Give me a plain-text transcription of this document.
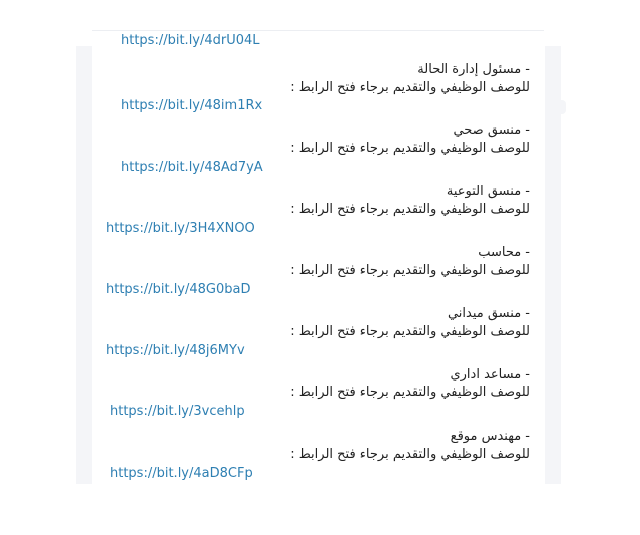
https://bit.ly/4drU04L
- مسئول إدارة الحالة
للوصف الوظيفي والتقديم برجاء فتح الرابط :
https://bit.ly/48im1Rx
- منسق صحي
للوصف الوظيفي والتقديم برجاء فتح الرابط :
https://bit.ly/48Ad7yA
- منسق التوعية
للوصف الوظيفي والتقديم برجاء فتح الرابط :
https://bit.ly/3H4XNOO
- محاسب
للوصف الوظيفي والتقديم برجاء فتح الرابط :
https://bit.ly/48G0baD
- منسق ميداني
للوصف الوظيفي والتقديم برجاء فتح الرابط :
https://bit.ly/48j6MYv
- مساعد اداري
للوصف الوظيفي والتقديم برجاء فتح الرابط :
https://bit.ly/3vcehlp
- مهندس موقع
للوصف الوظيفي والتقديم برجاء فتح الرابط :
https://bit.ly/4aD8CFp
